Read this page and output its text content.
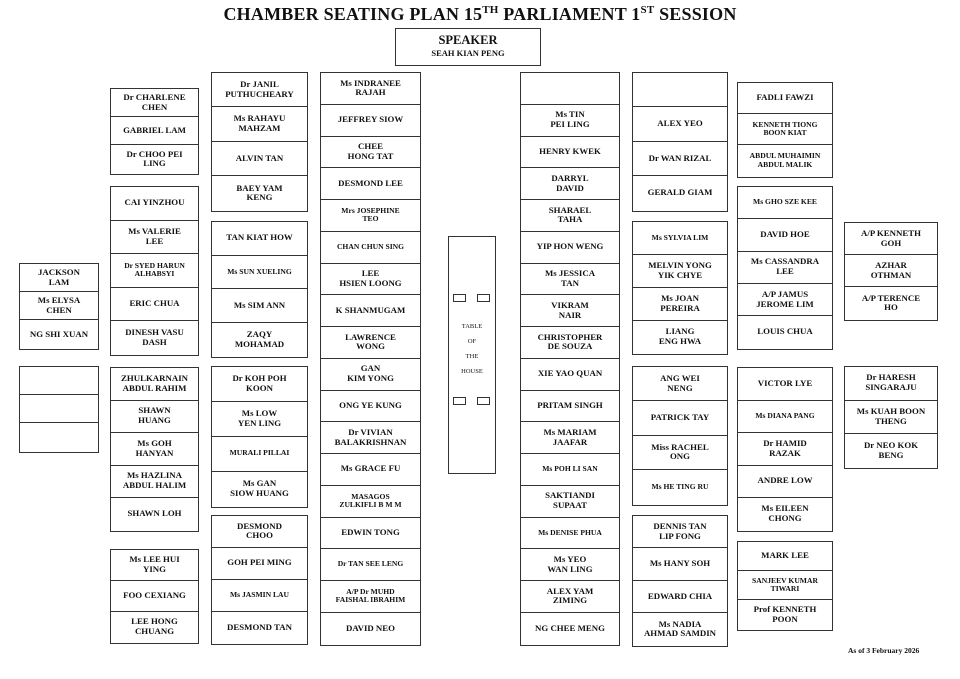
CHAMBER SEATING PLAN 15TH PARLIAMENT 1ST SESSION
SPEAKER
SEAH KIAN PENG
TABLE
OF
THE
HOUSE
As of 3 February 2026
JACKSON
LAM
Ms ELYSA
CHEN
NG SHI XUAN
Dr CHARLENE
CHEN
GABRIEL LAM
Dr CHOO PEI
LING
CAI YINZHOU
Ms VALERIE
LEE
Dr SYED HARUN
ALHABSYI
ERIC CHUA
DINESH VASU
DASH
ZHULKARNAIN
ABDUL RAHIM
SHAWN
HUANG
Ms GOH
HANYAN
Ms HAZLINA
ABDUL HALIM
SHAWN LOH
Ms LEE HUI
YING
FOO CEXIANG
LEE HONG
CHUANG
Dr JANIL
PUTHUCHEARY
Ms RAHAYU
MAHZAM
ALVIN TAN
BAEY YAM
KENG
TAN KIAT HOW
Ms SUN XUELING
Ms SIM ANN
ZAQY
MOHAMAD
Dr KOH POH
KOON
Ms LOW
YEN LING
MURALI PILLAI
Ms GAN
SIOW HUANG
DESMOND
CHOO
GOH PEI MING
Ms JASMIN LAU
DESMOND TAN
Ms INDRANEE
RAJAH
JEFFREY SIOW
CHEE
HONG TAT
DESMOND LEE
Mrs JOSEPHINE
TEO
CHAN CHUN SING
LEE
HSIEN LOONG
K SHANMUGAM
LAWRENCE
WONG
GAN
KIM YONG
ONG YE KUNG
Dr VIVIAN
BALAKRISHNAN
Ms GRACE FU
MASAGOS
ZULKIFLI B M M
EDWIN TONG
Dr TAN SEE LENG
A/P Dr MUHD
FAISHAL IBRAHIM
DAVID NEO
Ms TIN
PEI LING
HENRY KWEK
DARRYL
DAVID
SHARAEL
TAHA
YIP HON WENG
Ms JESSICA
TAN
VIKRAM
NAIR
CHRISTOPHER
DE SOUZA
XIE YAO QUAN
PRITAM SINGH
Ms MARIAM
JAAFAR
Ms POH LI SAN
SAKTIANDI
SUPAAT
Ms DENISE PHUA
Ms YEO
WAN LING
ALEX YAM
ZIMING
NG CHEE MENG
ALEX YEO
Dr WAN RIZAL
GERALD GIAM
Ms SYLVIA LIM
MELVIN YONG
YIK CHYE
Ms JOAN
PEREIRA
LIANG
ENG HWA
ANG WEI
NENG
PATRICK TAY
Miss RACHEL
ONG
Ms HE TING RU
DENNIS TAN
LIP FONG
Ms HANY SOH
EDWARD CHIA
Ms NADIA
AHMAD SAMDIN
FADLI FAWZI
KENNETH TIONG
BOON KIAT
ABDUL MUHAIMIN
ABDUL MALIK
Ms GHO SZE KEE
DAVID HOE
Ms CASSANDRA
LEE
A/P JAMUS
JEROME LIM
LOUIS CHUA
VICTOR LYE
Ms DIANA PANG
Dr HAMID
RAZAK
ANDRE LOW
Ms EILEEN
CHONG
MARK LEE
SANJEEV KUMAR
TIWARI
Prof KENNETH
POON
A/P KENNETH
GOH
AZHAR
OTHMAN
A/P TERENCE
HO
Dr HARESH
SINGARAJU
Ms KUAH BOON
THENG
Dr NEO KOK
BENG
